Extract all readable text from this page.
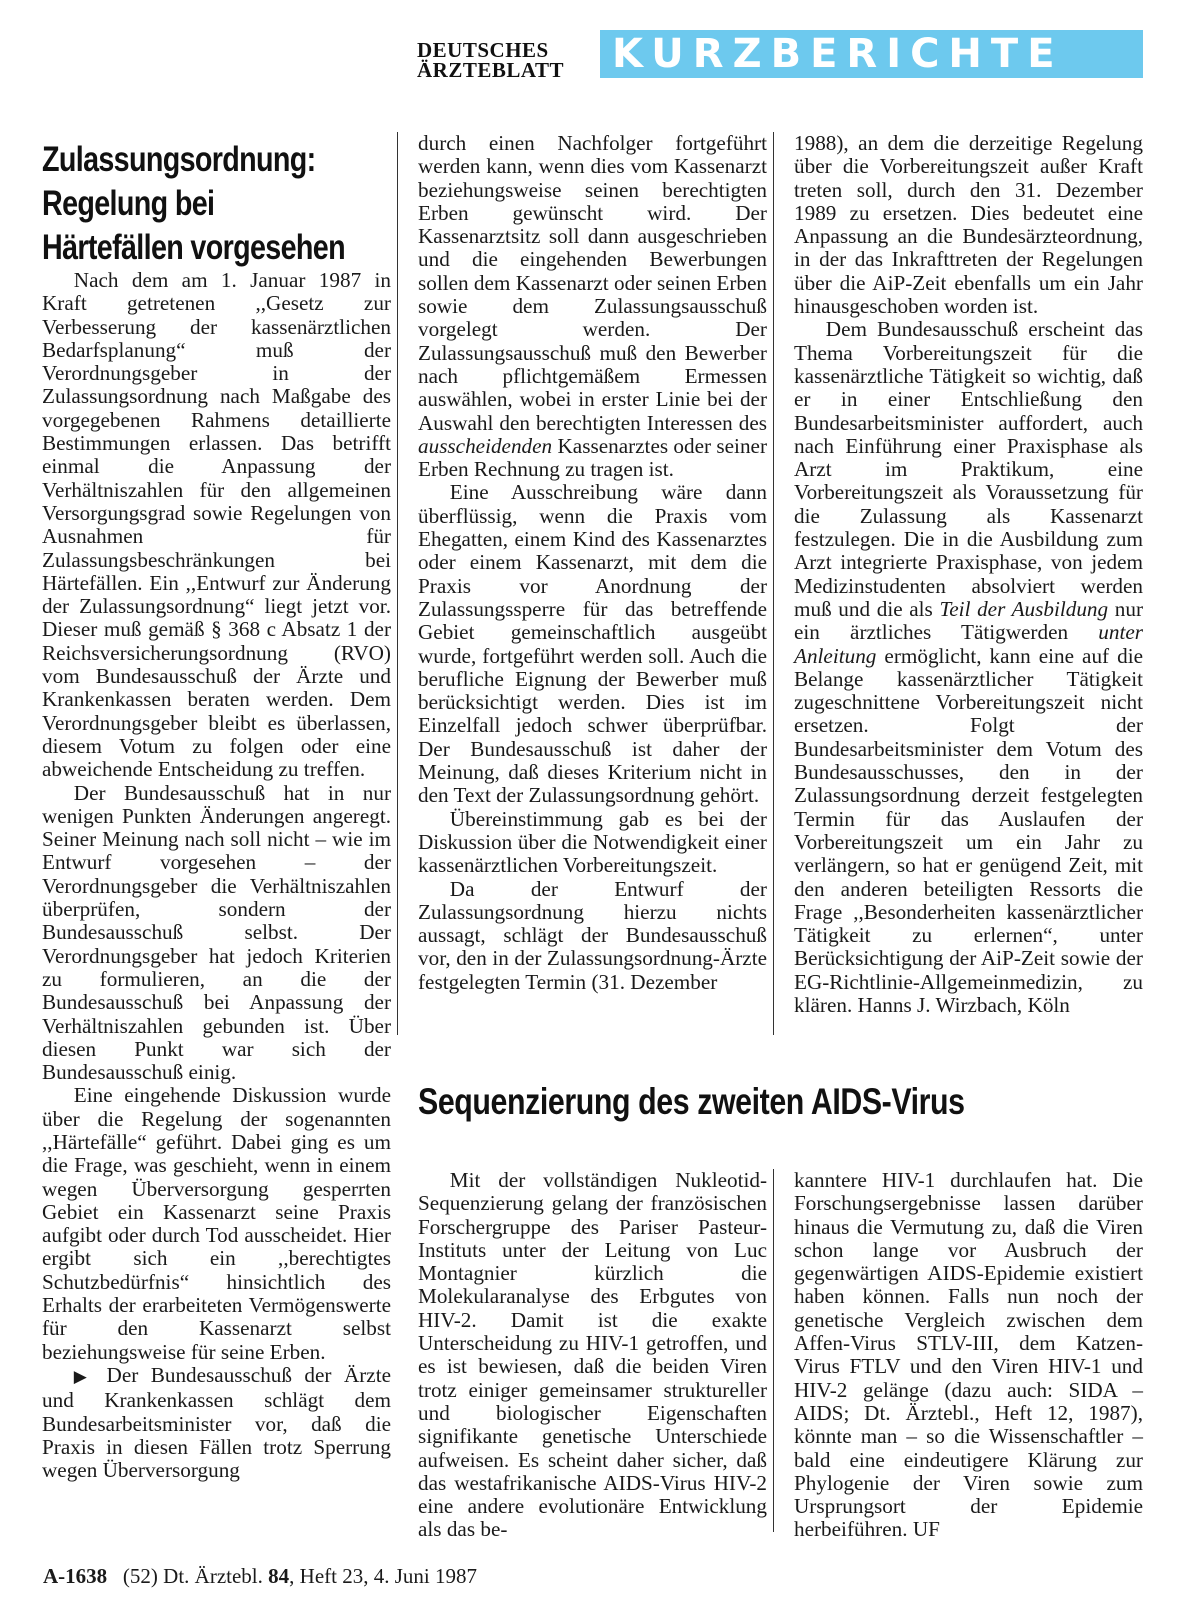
DEUTSCHES
ÄRZTEBLATT	KURZBERICHTE
Zulassungsordnung:
Regelung bei
Härtefällen vorgesehen

Nach dem am 1. Januar 1987 in Kraft getretenen ,,Gesetz zur Verbesserung der kassenärztlichen Bedarfsplanung“ muß der Verordnungsgeber in der Zulassungsordnung nach Maßgabe des vorgegebenen Rahmens detaillierte Bestimmungen erlassen. Das betrifft einmal die Anpassung der Verhältniszahlen für den allgemeinen Versorgungsgrad sowie Regelungen von Ausnahmen für Zulassungsbeschränkungen bei Härtefällen. Ein ,,Entwurf zur Änderung der Zulassungsordnung“ liegt jetzt vor. Dieser muß gemäß § 368 c Absatz 1 der Reichsversicherungsordnung (RVO) vom Bundesausschuß der Ärzte und Krankenkassen beraten werden. Dem Verordnungsgeber bleibt es überlassen, diesem Votum zu folgen oder eine abweichende Entscheidung zu treffen.

Der Bundesausschuß hat in nur wenigen Punkten Änderungen angeregt. Seiner Meinung nach soll nicht – wie im Entwurf vorgesehen – der Verordnungsgeber die Verhältniszahlen überprüfen, sondern der Bundesausschuß selbst. Der Verordnungsgeber hat jedoch Kriterien zu formulieren, an die der Bundesausschuß bei Anpassung der Verhältniszahlen gebunden ist. Über diesen Punkt war sich der Bundesausschuß einig.

Eine eingehende Diskussion wurde über die Regelung der sogenannten ,,Härtefälle“ geführt. Dabei ging es um die Frage, was geschieht, wenn in einem wegen Überversorgung gesperrten Gebiet ein Kassenarzt seine Praxis aufgibt oder durch Tod ausscheidet. Hier ergibt sich ein ,,berechtigtes Schutzbedürfnis“ hinsichtlich des Erhalts der erarbeiteten Vermögenswerte für den Kassenarzt selbst beziehungsweise für seine Erben.

▶ Der Bundesausschuß der Ärzte und Krankenkassen schlägt dem Bundesarbeitsminister vor, daß die Praxis in diesen Fällen trotz Sperrung wegen Überversorgung

durch einen Nachfolger fortgeführt werden kann, wenn dies vom Kassenarzt beziehungsweise seinen berechtigten Erben gewünscht wird. Der Kassenarztsitz soll dann ausgeschrieben und die eingehenden Bewerbungen sollen dem Kassenarzt oder seinen Erben sowie dem Zulassungsausschuß vorgelegt werden. Der Zulassungsausschuß muß den Bewerber nach pflichtgemäßem Ermessen auswählen, wobei in erster Linie bei der Auswahl den berechtigten Interessen des ausscheidenden Kassenarztes oder seiner Erben Rechnung zu tragen ist.

Eine Ausschreibung wäre dann überflüssig, wenn die Praxis vom Ehegatten, einem Kind des Kassenarztes oder einem Kassenarzt, mit dem die Praxis vor Anordnung der Zulassungssperre für das betreffende Gebiet gemeinschaftlich ausgeübt wurde, fortgeführt werden soll. Auch die berufliche Eignung der Bewerber muß berücksichtigt werden. Dies ist im Einzelfall jedoch schwer überprüfbar. Der Bundesausschuß ist daher der Meinung, daß dieses Kriterium nicht in den Text der Zulassungsordnung gehört.

Übereinstimmung gab es bei der Diskussion über die Notwendigkeit einer kassenärztlichen Vorbereitungszeit.

Da der Entwurf der Zulassungsordnung hierzu nichts aussagt, schlägt der Bundesausschuß vor, den in der Zulassungsordnung-Ärzte festgelegten Termin (31. Dezember

1988), an dem die derzeitige Regelung über die Vorbereitungszeit außer Kraft treten soll, durch den 31. Dezember 1989 zu ersetzen. Dies bedeutet eine Anpassung an die Bundesärzteordnung, in der das Inkrafttreten der Regelungen über die AiP-Zeit ebenfalls um ein Jahr hinausgeschoben worden ist.

Dem Bundesausschuß erscheint das Thema Vorbereitungszeit für die kassenärztliche Tätigkeit so wichtig, daß er in einer Entschließung den Bundesarbeitsminister auffordert, auch nach Einführung einer Praxisphase als Arzt im Praktikum, eine Vorbereitungszeit als Voraussetzung für die Zulassung als Kassenarzt festzulegen. Die in die Ausbildung zum Arzt integrierte Praxisphase, von jedem Medizinstudenten absolviert werden muß und die als Teil der Ausbildung nur ein ärztliches Tätigwerden unter Anleitung ermöglicht, kann eine auf die Belange kassenärztlicher Tätigkeit zugeschnittene Vorbereitungszeit nicht ersetzen. Folgt der Bundesarbeitsminister dem Votum des Bundesausschusses, den in der Zulassungsordnung derzeit festgelegten Termin für das Auslaufen der Vorbereitungszeit um ein Jahr zu verlängern, so hat er genügend Zeit, mit den anderen beteiligten Ressorts die Frage ,,Besonderheiten kassenärztlicher Tätigkeit zu erlernen“, unter Berücksichtigung der AiP-Zeit sowie der EG-Richtlinie-Allgemeinmedizin, zu klären. Hanns J. Wirzbach, Köln

Sequenzierung des zweiten AIDS-Virus

Mit der vollständigen Nukleotid-Sequenzierung gelang der französischen Forschergruppe des Pariser Pasteur-Instituts unter der Leitung von Luc Montagnier kürzlich die Molekularanalyse des Erbgutes von HIV-2. Damit ist die exakte Unterscheidung zu HIV-1 getroffen, und es ist bewiesen, daß die beiden Viren trotz einiger gemeinsamer struktureller und biologischer Eigenschaften signifikante genetische Unterschiede aufweisen. Es scheint daher sicher, daß das westafrikanische AIDS-Virus HIV-2 eine andere evolutionäre Entwicklung als das be-

kanntere HIV-1 durchlaufen hat. Die Forschungsergebnisse lassen darüber hinaus die Vermutung zu, daß die Viren schon lange vor Ausbruch der gegenwärtigen AIDS-Epidemie existiert haben können. Falls nun noch der genetische Vergleich zwischen dem Affen-Virus STLV-III, dem Katzen-Virus FTLV und den Viren HIV-1 und HIV-2 gelänge (dazu auch: SIDA – AIDS; Dt. Ärztebl., Heft 12, 1987), könnte man – so die Wissenschaftler – bald eine eindeutigere Klärung zur Phylogenie der Viren sowie zum Ursprungsort der Epidemie herbeiführen. UF

A-1638 (52) Dt. Ärztebl. 84, Heft 23, 4. Juni 1987
